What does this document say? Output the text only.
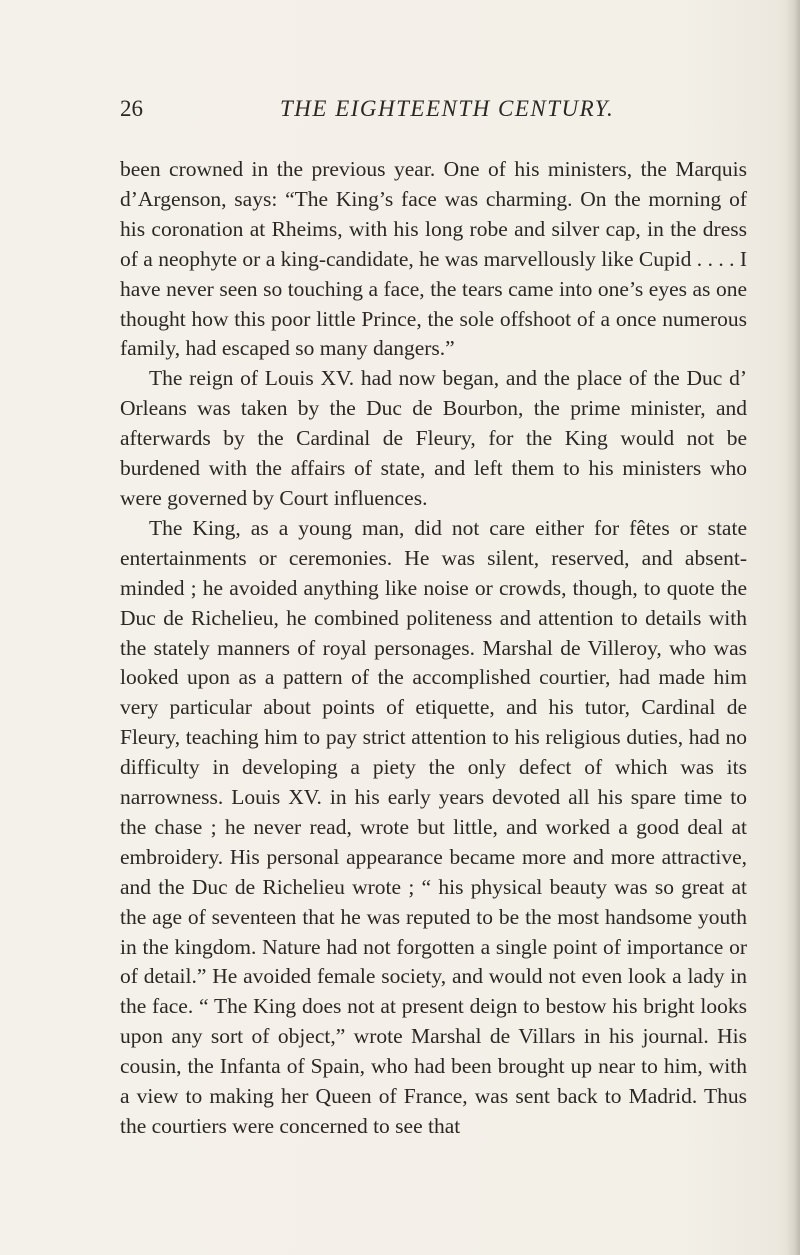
26	THE EIGHTEENTH CENTURY.

been crowned in the previous year. One of his ministers, the Marquis d’Argenson, says: “The King’s face was charming. On the morning of his coronation at Rheims, with his long robe and silver cap, in the dress of a neophyte or a king-candidate, he was marvellously like Cupid . . . . I have never seen so touching a face, the tears came into one’s eyes as one thought how this poor little Prince, the sole offshoot of a once numerous family, had escaped so many dangers.”

The reign of Louis XV. had now began, and the place of the Duc d’ Orleans was taken by the Duc de Bourbon, the prime minister, and afterwards by the Cardinal de Fleury, for the King would not be burdened with the affairs of state, and left them to his ministers who were governed by Court influences.

The King, as a young man, did not care either for fêtes or state entertainments or ceremonies. He was silent, reserved, and absent-minded ; he avoided anything like noise or crowds, though, to quote the Duc de Richelieu, he combined politeness and attention to details with the stately manners of royal personages. Marshal de Villeroy, who was looked upon as a pattern of the accomplished courtier, had made him very particular about points of etiquette, and his tutor, Cardinal de Fleury, teaching him to pay strict attention to his religious duties, had no difficulty in developing a piety the only defect of which was its narrowness. Louis XV. in his early years devoted all his spare time to the chase ; he never read, wrote but little, and worked a good deal at embroidery. His personal appearance became more and more attractive, and the Duc de Richelieu wrote ; “ his physical beauty was so great at the age of seventeen that he was reputed to be the most handsome youth in the kingdom. Nature had not forgotten a single point of importance or of detail.” He avoided female society, and would not even look a lady in the face. “ The King does not at present deign to bestow his bright looks upon any sort of object,” wrote Marshal de Villars in his journal. His cousin, the Infanta of Spain, who had been brought up near to him, with a view to making her Queen of France, was sent back to Madrid. Thus the courtiers were concerned to see that
